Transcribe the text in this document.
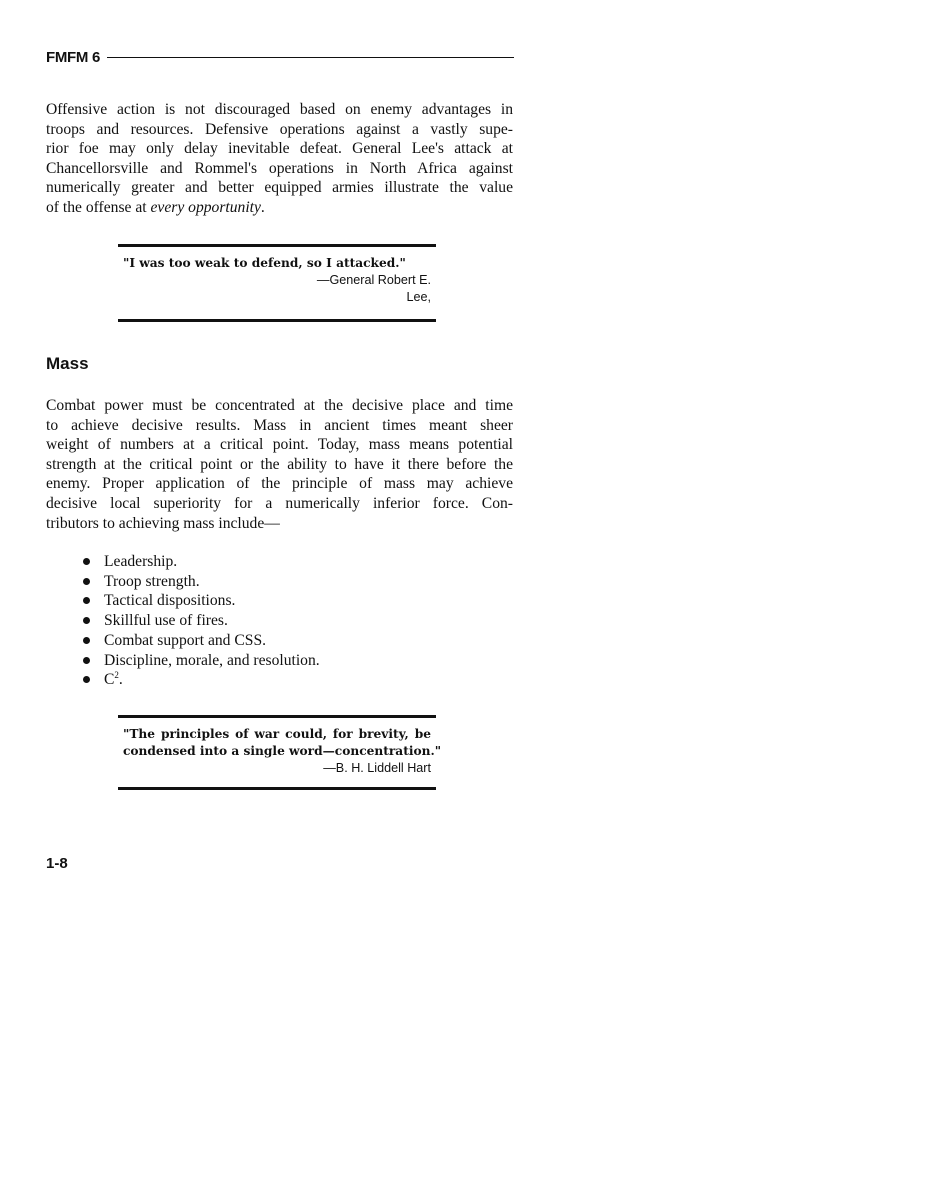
FMFM 6

Offensive action is not discouraged based on enemy advantages in
troops and resources. Defensive operations against a vastly supe-
rior foe may only delay inevitable defeat. General Lee's attack at
Chancellorsville and Rommel's operations in North Africa against
numerically greater and better equipped armies illustrate the value
of the offense at every opportunity.

"I was too weak to defend, so I attacked."

—General Robert E.
Lee,

Mass

Combat power must be concentrated at the decisive place and time
to achieve decisive results. Mass in ancient times meant sheer
weight of numbers at a critical point. Today, mass means potential
strength at the critical point or the ability to have it there before the
enemy. Proper application of the principle of mass may achieve
decisive local superiority for a numerically inferior force. Con-
tributors to achieving mass include—

Leadership.
Troop strength.
Tactical dispositions.
Skillful use of fires.
Combat support and CSS.
Discipline, morale, and resolution.
$C^2$.

"The principles of war could, for brevity, be
condensed into a single word—concentration."

—B. H. Liddell Hart

1-8
